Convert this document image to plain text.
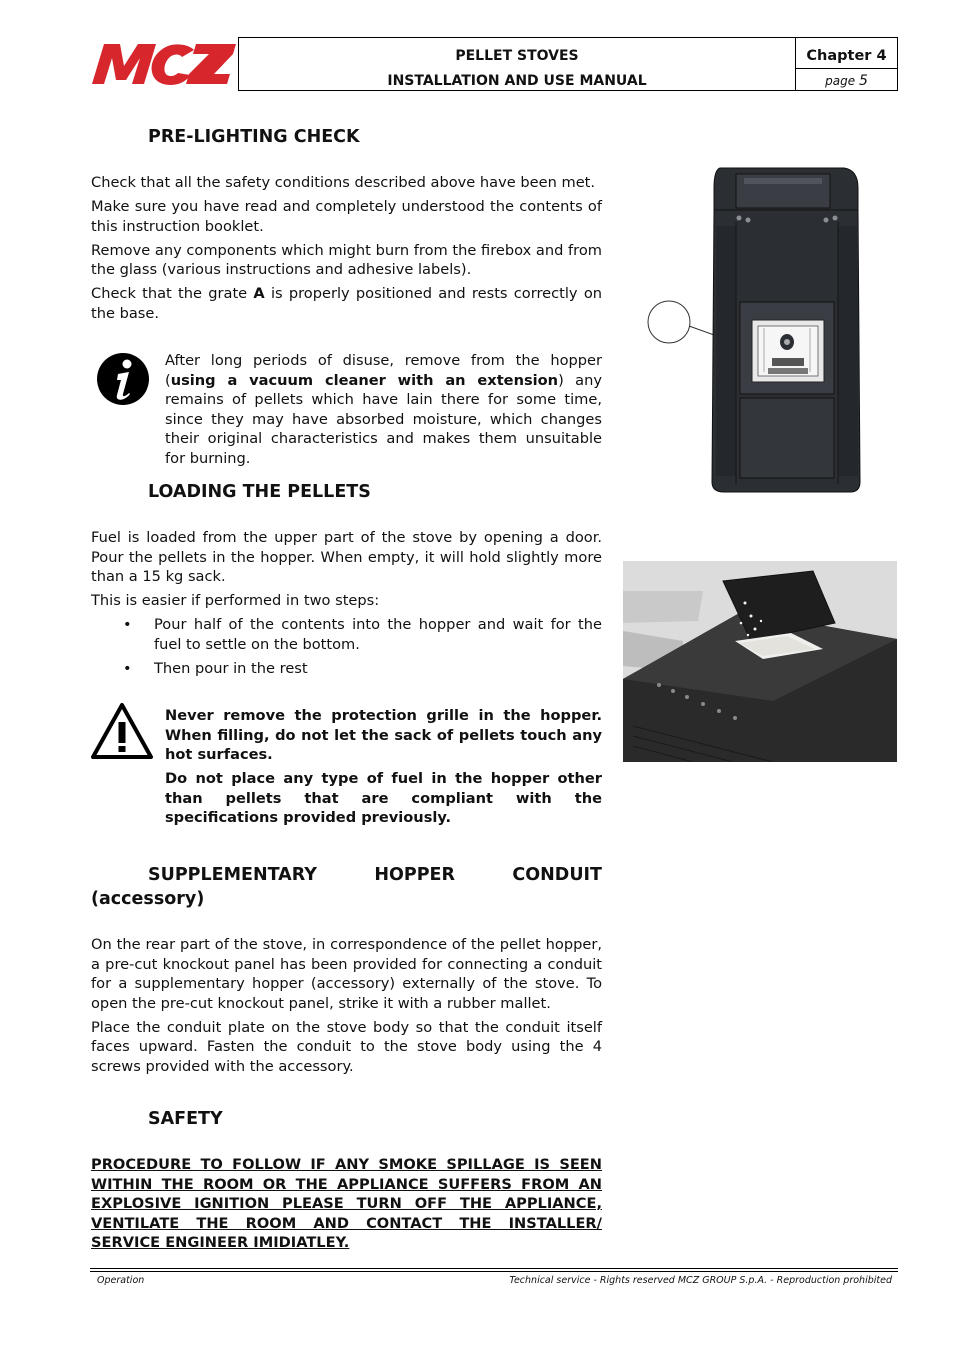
PELLET STOVES
INSTALLATION AND USE MANUAL
Chapter 4
page 5
PRE-LIGHTING CHECK

Check that all the safety conditions described above have been met.

Make sure you have read and completely understood the contents of this instruction booklet.

Remove any components which might burn from the firebox and from the glass (various instructions and adhesive labels).

Check that the grate A is properly positioned and rests correctly on the base.

After long periods of disuse, remove from the hopper (using a vacuum cleaner with an extension) any remains of pellets which have lain there for some time, since they may have absorbed moisture, which changes their original characteristics and makes them unsuitable for burning.

LOADING THE PELLETS

Fuel is loaded from the upper part of the stove by opening a door. Pour the pellets in the hopper. When empty, it will hold slightly more than a 15 kg sack.

This is easier if performed in two steps:

• Pour half of the contents into the hopper and wait for the fuel to settle on the bottom.
• Then pour in the rest

Never remove the protection grille in the hopper. When filling, do not let the sack of pellets touch any hot surfaces.

Do not place any type of fuel in the hopper other than pellets that are compliant with the specifications provided previously.

SUPPLEMENTARY	HOPPER	CONDUIT
(accessory)

On the rear part of the stove, in correspondence of the pellet hopper, a pre-cut knockout panel has been provided for connecting a conduit for a supplementary hopper (accessory) externally of the stove. To open the pre-cut knockout panel, strike it with a rubber mallet.

Place the conduit plate on the stove body so that the conduit itself faces upward. Fasten the conduit to the stove body using the 4 screws provided with the accessory.

SAFETY

PROCEDURE TO FOLLOW IF ANY SMOKE SPILLAGE IS SEEN WITHIN THE ROOM OR THE APPLIANCE SUFFERS FROM AN EXPLOSIVE IGNITION PLEASE TURN OFF THE APPLIANCE, VENTILATE THE ROOM AND CONTACT THE INSTALLER/ SERVICE ENGINEER IMIDIATLEY.

Operation	Technical service - Rights reserved MCZ GROUP S.p.A. - Reproduction prohibited
